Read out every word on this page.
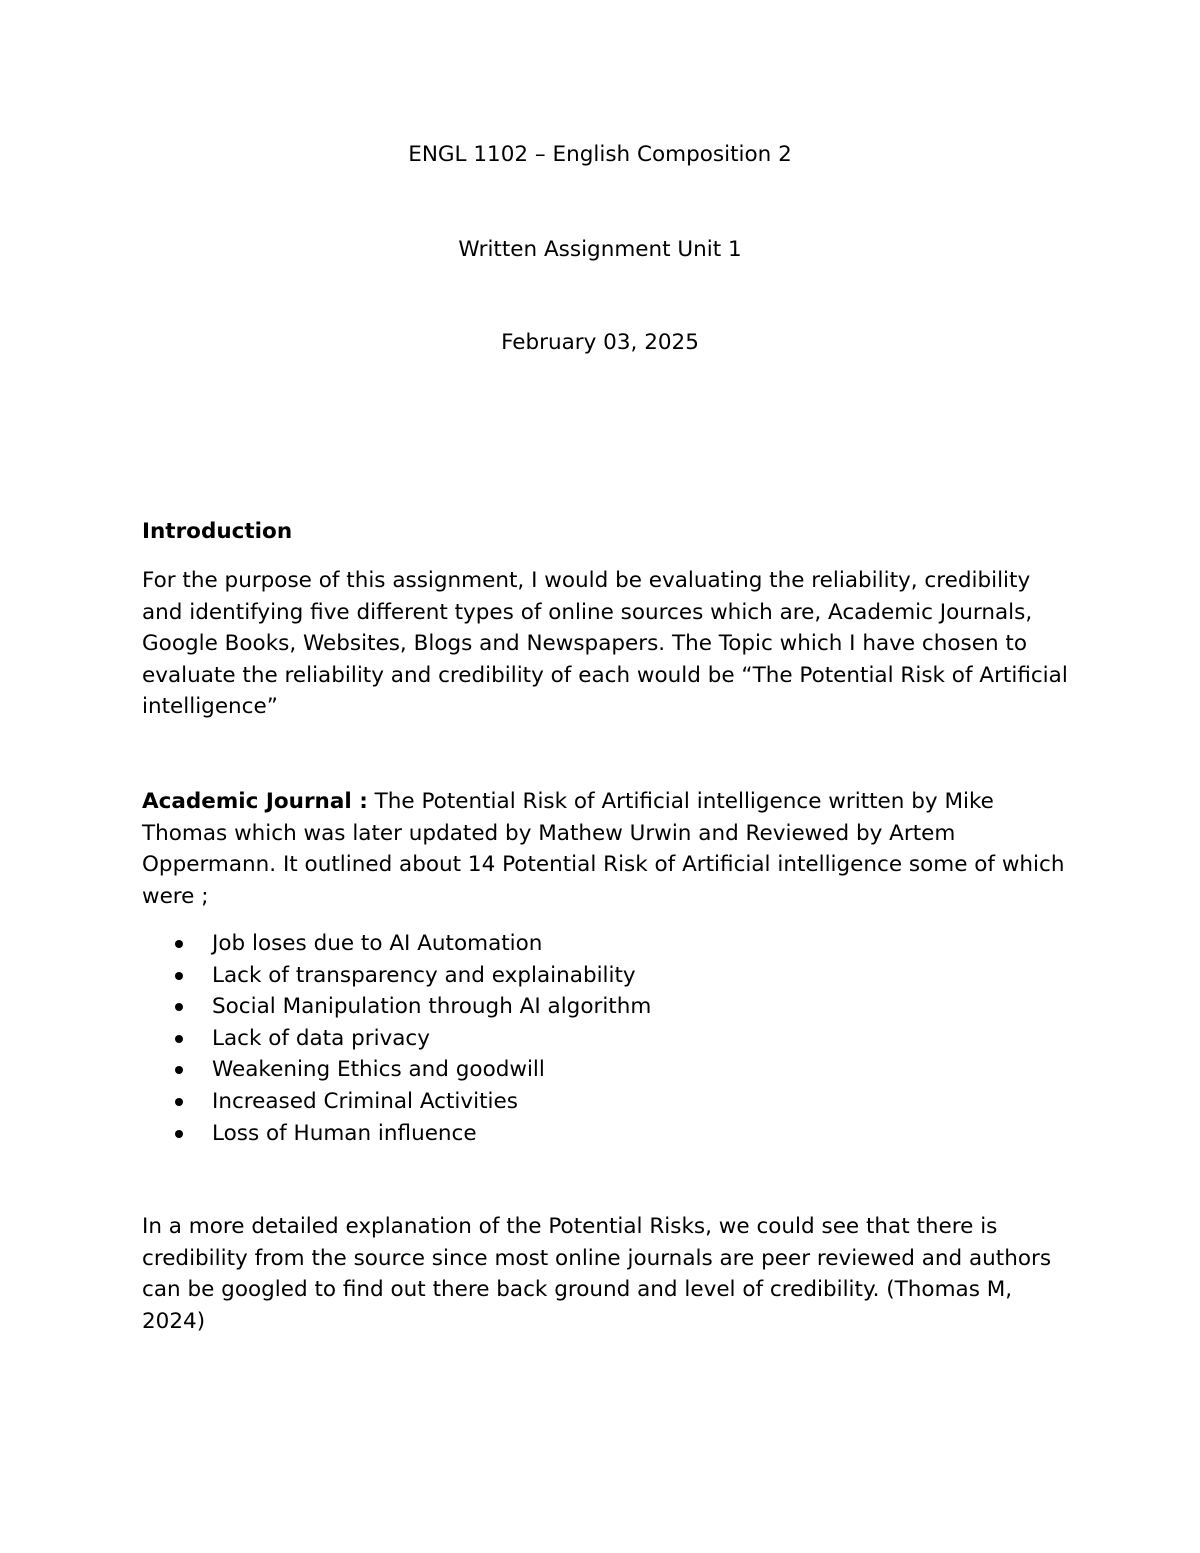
ENGL 1102 – English Composition 2
Written Assignment Unit 1
February 03, 2025
Introduction

For the purpose of this assignment, I would be evaluating the reliability, credibility and identifying five different types of online sources which are, Academic Journals, Google Books, Websites, Blogs and Newspapers. The Topic which I have chosen to evaluate the reliability and credibility of each would be “The Potential Risk of Artificial intelligence”

Academic Journal : The Potential Risk of Artificial intelligence written by Mike Thomas which was later updated by Mathew Urwin and Reviewed by Artem Oppermann. It outlined about 14 Potential Risk of Artificial intelligence some of which were ;

Job loses due to AI Automation
Lack of transparency and explainability
Social Manipulation through AI algorithm
Lack of data privacy
Weakening Ethics and goodwill
Increased Criminal Activities
Loss of Human influence

In a more detailed explanation of the Potential Risks, we could see that there is credibility from the source since most online journals are peer reviewed and authors can be googled to find out there back ground and level of credibility. (Thomas M, 2024)
